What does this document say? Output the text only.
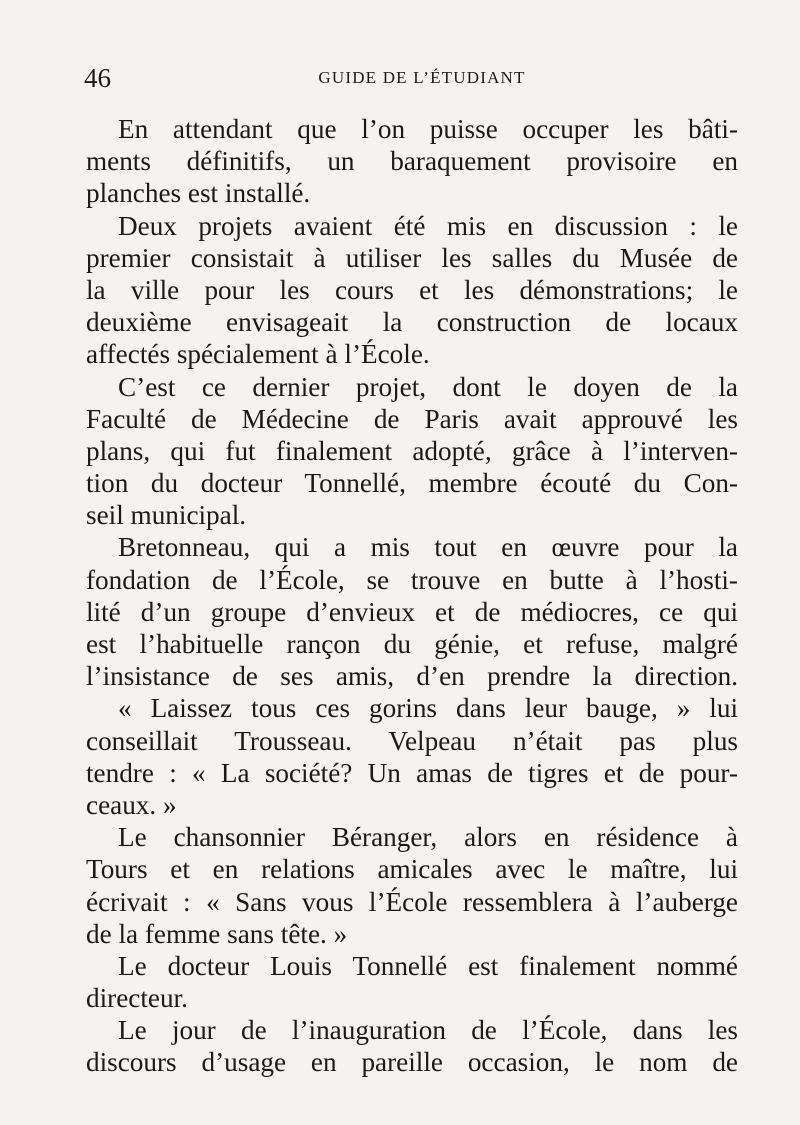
46	GUIDE DE L’ÉTUDIANT
En attendant que l’on puisse occuper les bâti-
ments définitifs, un baraquement provisoire en
planches est installé.
Deux projets avaient été mis en discussion : le
premier consistait à utiliser les salles du Musée de
la ville pour les cours et les démonstrations; le
deuxième envisageait la construction de locaux
affectés spécialement à l’École.
C’est ce dernier projet, dont le doyen de la
Faculté de Médecine de Paris avait approuvé les
plans, qui fut finalement adopté, grâce à l’interven-
tion du docteur Tonnellé, membre écouté du Con-
seil municipal.
Bretonneau, qui a mis tout en œuvre pour la
fondation de l’École, se trouve en butte à l’hosti-
lité d’un groupe d’envieux et de médiocres, ce qui
est l’habituelle rançon du génie, et refuse, malgré
l’insistance de ses amis, d’en prendre la direction.
« Laissez tous ces gorins dans leur bauge, » lui
conseillait Trousseau. Velpeau n’était pas plus
tendre : « La société? Un amas de tigres et de pour-
ceaux. »
Le chansonnier Béranger, alors en résidence à
Tours et en relations amicales avec le maître, lui
écrivait : « Sans vous l’École ressemblera à l’auberge
de la femme sans tête. »
Le docteur Louis Tonnellé est finalement nommé
directeur.
Le jour de l’inauguration de l’École, dans les
discours d’usage en pareille occasion, le nom de
